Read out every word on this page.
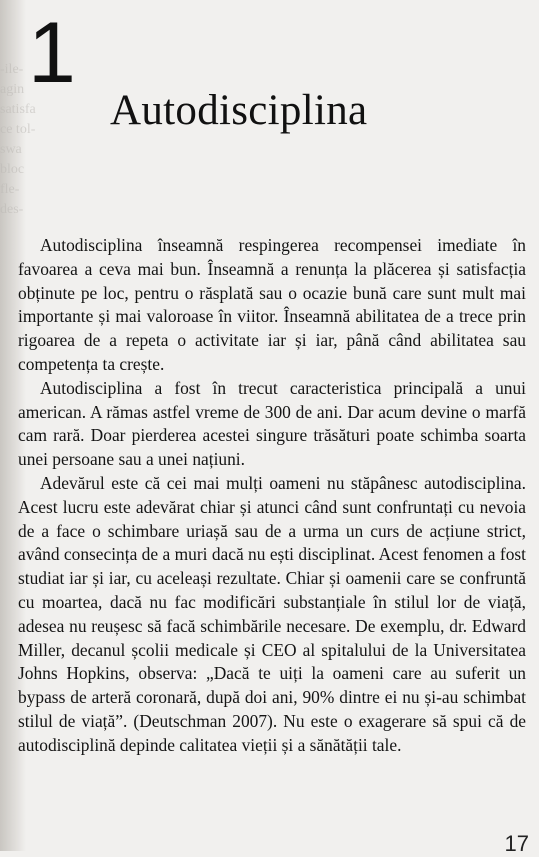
-ile-
agin
satisfa
ce tol-
swa
bloc
fle-
des-
1
Autodisciplina

Autodisciplina înseamnă respingerea recompensei imediate în favoarea a ceva mai bun. Înseamnă a renunța la plăcerea și satisfacția obținute pe loc, pentru o răsplată sau o ocazie bună care sunt mult mai importante și mai valoroase în viitor. Înseamnă abilitatea de a trece prin rigoarea de a repeta o activitate iar și iar, până când abilitatea sau competența ta crește.

Autodisciplina a fost în trecut caracteristica principală a unui american. A rămas astfel vreme de 300 de ani. Dar acum devine o marfă cam rară. Doar pierderea acestei singure trăsături poate schimba soarta unei persoane sau a unei națiuni.

Adevărul este că cei mai mulți oameni nu stăpânesc autodisciplina. Acest lucru este adevărat chiar și atunci când sunt confruntați cu nevoia de a face o schimbare uriașă sau de a urma un curs de acțiune strict, având consecința de a muri dacă nu ești disciplinat. Acest fenomen a fost studiat iar și iar, cu aceleași rezultate. Chiar și oamenii care se confruntă cu moartea, dacă nu fac modificări substanțiale în stilul lor de viață, adesea nu reușesc să facă schimbările necesare. De exemplu, dr. Edward Miller, decanul școlii medicale și CEO al spitalului de la Universitatea Johns Hopkins, observa: „Dacă te uiți la oameni care au suferit un bypass de arteră coronară, după doi ani, 90% dintre ei nu și-au schimbat stilul de viață”. (Deutschman 2007). Nu este o exagerare să spui că de autodisciplină depinde calitatea vieții și a sănătății tale.

17
